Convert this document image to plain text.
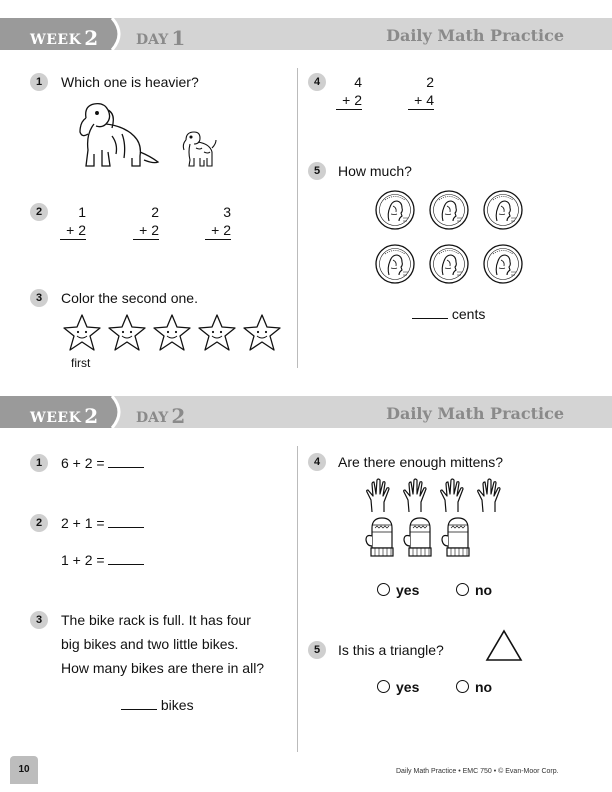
WEEK 2	DAY 1	Daily Math Practice
1	Which one is heavier?
2	1
+ 2
2
+ 2
3
+ 2
3	Color the second one.
first
4	4
+ 2
2
+ 4
5	How much?
cents
WEEK 2	DAY 2	Daily Math Practice
1	6 + 2 =
2	2 + 1 =
1 + 2 =
3	The bike rack is full. It has four
big bikes and two little bikes.
How many bikes are there in all?
bikes
4	Are there enough mittens?
yes	no
5	Is this a triangle?
yes	no
10	Daily Math Practice • EMC 750 • © Evan-Moor Corp.
